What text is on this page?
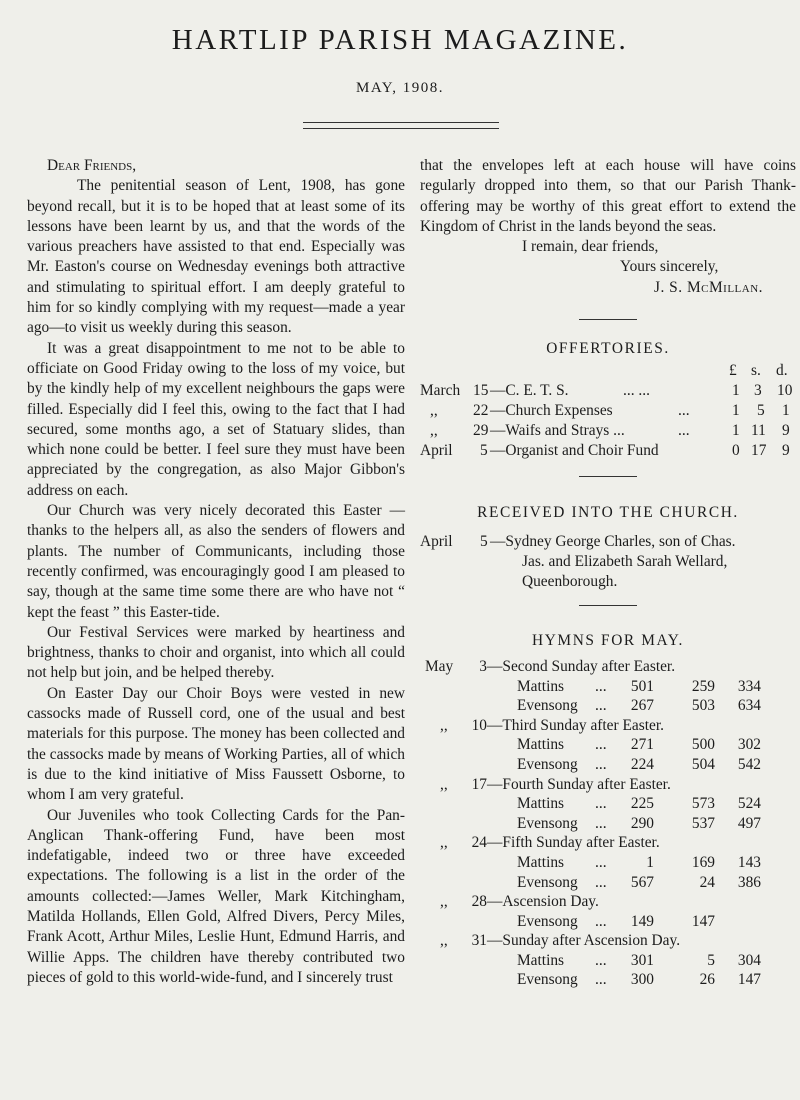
HARTLIP PARISH MAGAZINE.
MAY, 1908.

Dear Friends,

The penitential season of Lent, 1908, has gone beyond recall, but it is to be hoped that at least some of its lessons have been learnt by us, and that the words of the various preachers have assisted to that end. Especially was Mr. Easton's course on Wednesday evenings both attractive and stimulating to spiritual effort. I am deeply grateful to him for so kindly complying with my request—made a year ago—to visit us weekly during this season.

It was a great disappointment to me not to be able to officiate on Good Friday owing to the loss of my voice, but by the kindly help of my excellent neighbours the gaps were filled. Especially did I feel this, owing to the fact that I had secured, some months ago, a set of Statuary slides, than which none could be better. I feel sure they must have been appreciated by the congregation, as also Major Gibbon's address on each.

Our Church was very nicely decorated this Easter —thanks to the helpers all, as also the senders of flowers and plants. The number of Communicants, including those recently confirmed, was encouragingly good I am pleased to say, though at the same time some there are who have not “ kept the feast ” this Easter-tide.

Our Festival Services were marked by heartiness and brightness, thanks to choir and organist, into which all could not help but join, and be helped thereby.

On Easter Day our Choir Boys were vested in new cassocks made of Russell cord, one of the usual and best materials for this purpose. The money has been collected and the cassocks made by means of Working Parties, all of which is due to the kind initiative of Miss Faussett Osborne, to whom I am very grateful.

Our Juveniles who took Collecting Cards for the Pan-Anglican Thank-offering Fund, have been most indefatigable, indeed two or three have exceeded expectations. The following is a list in the order of the amounts collected:—James Weller, Mark Kitchingham, Matilda Hollands, Ellen Gold, Alfred Divers, Percy Miles, Frank Acott, Arthur Miles, Leslie Hunt, Edmund Harris, and Willie Apps. The children have thereby contributed two pieces of gold to this world-wide-fund, and I sincerely trust

that the envelopes left at each house will have coins regularly dropped into them, so that our Parish Thank-offering may be worthy of this great effort to extend the Kingdom of Christ in the lands beyond the seas.

I remain, dear friends,

Yours sincerely,

J. S. McMillan.

OFFERTORIES.
£ s. d.
March 15 —C. E. T. S.	... ...	1 3 10
,, 22 —Church Expenses	...	1 5 1
,, 29 —Waifs and Strays ...	...	1 11 9
April 5 —Organist and Choir Fund	0 17 9
RECEIVED INTO THE CHURCH.
April 5 —Sydney George Charles, son of Chas.
Jas. and Elizabeth Sarah Wellard,
Queenborough.
HYMNS FOR MAY.
May 3 —Second Sunday after Easter.
Mattins ... 501 259 334
Evensong ... 267 503 634
,, 10 —Third Sunday after Easter.
Mattins ... 271 500 302
Evensong ... 224 504 542
,, 17 —Fourth Sunday after Easter.
Mattins ... 225 573 524
Evensong ... 290 537 497
,, 24 —Fifth Sunday after Easter.
Mattins ...	1 169 143
Evensong ... 567	24 386
,, 28 —Ascension Day.
Evensong ... 149 147
,, 31 —Sunday after Ascension Day.
Mattins ... 301	5 304
Evensong ... 300	26 147
